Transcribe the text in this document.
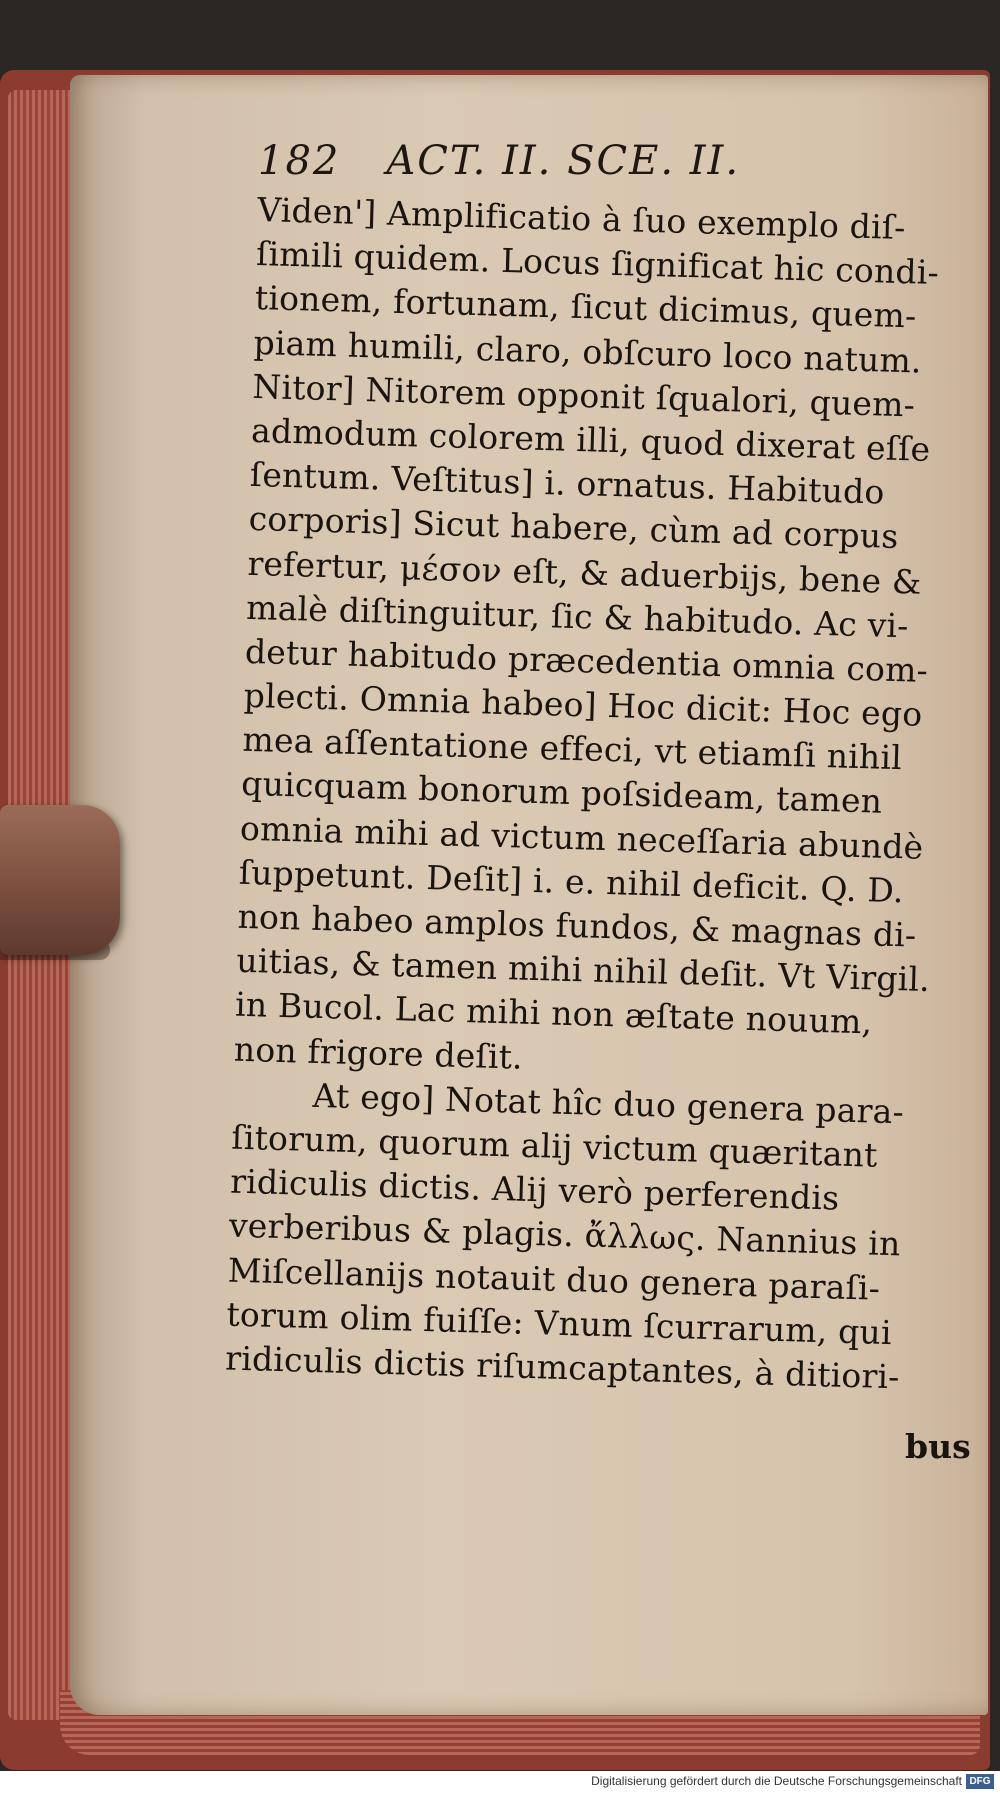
182 ACT. II. SCE. II.
Viden'] Amplificatio à ſuo exemplo diſ-
ſimili quidem. Locus ſignificat hic condi-
tionem, fortunam, ſicut dicimus, quem-
piam humili, claro, obſcuro loco natum.
Nitor] Nitorem opponit ſqualori, quem-
admodum colorem illi, quod dixerat eſſe
ſentum. Veſtitus] i. ornatus. Habitudo
corporis] Sicut habere, cùm ad corpus
refertur, μέσον eſt, & aduerbijs, bene &
malè diſtinguitur, ſic & habitudo. Ac vi-
detur habitudo præcedentia omnia com-
plecti. Omnia habeo] Hoc dicit: Hoc ego
mea aſſentatione effeci, vt etiamſi nihil
quicquam bonorum poſsideam, tamen
omnia mihi ad victum neceſſaria abundè
ſuppetunt. Deſit] i. e. nihil deficit. Q. D.
non habeo amplos fundos, & magnas di-
uitias, & tamen mihi nihil deſit. Vt Virgil.
in Bucol. Lac mihi non æſtate nouum,
non frigore deſit.
At ego] Notat hîc duo genera para-
ſitorum, quorum alij victum quæritant
ridiculis dictis. Alij verò perferendis
verberibus & plagis. ἄλλως. Nannius in
Miſcellanijs notauit duo genera paraſi-
torum olim fuiſſe: Vnum ſcurrarum, qui
ridiculis dictis riſumcaptantes, à ditiori-
bus
Digitalisierung gefördert durch die Deutsche Forschungsgemeinschaft DFG
